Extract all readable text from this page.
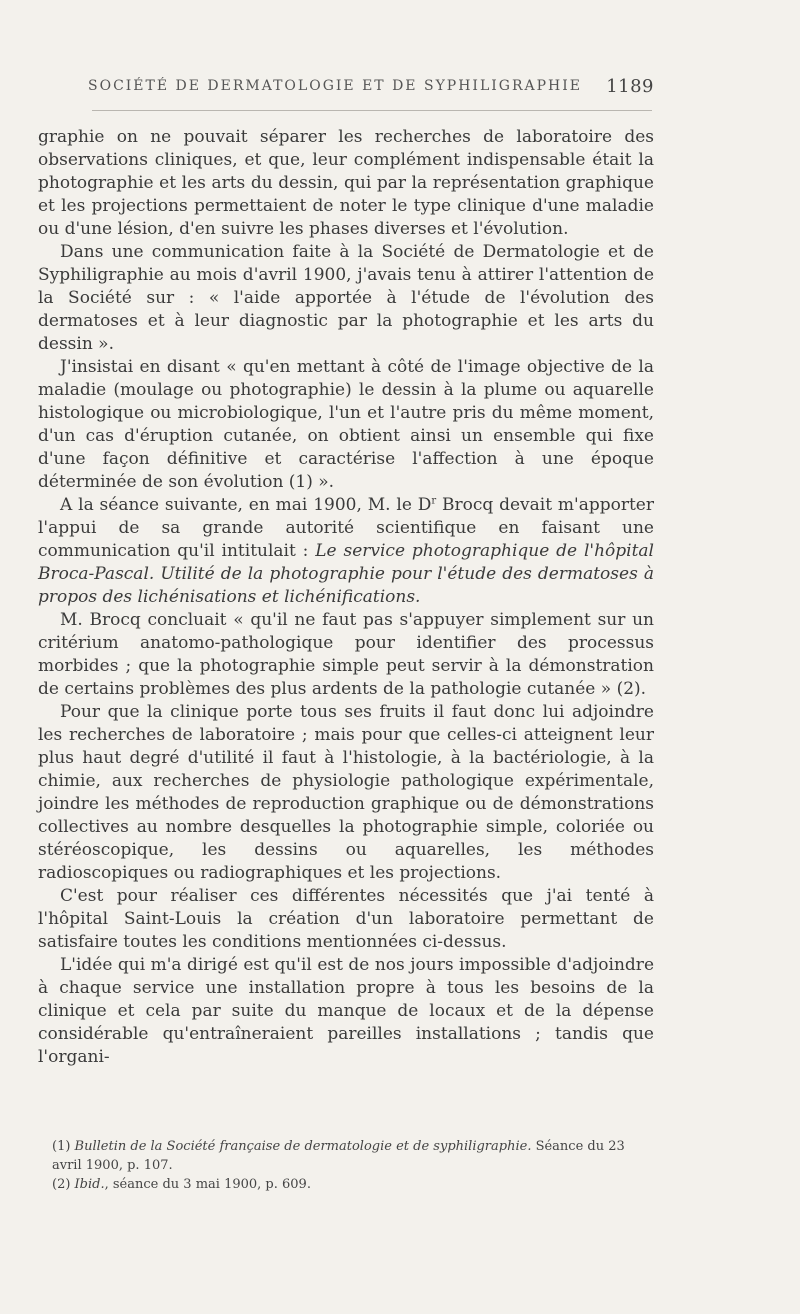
SOCIÉTÉ DE DERMATOLOGIE ET DE SYPHILIGRAPHIE 1189

graphie on ne pouvait séparer les recherches de laboratoire des observations cliniques, et que, leur complément indispensable était la photographie et les arts du dessin, qui par la représentation graphique et les projections permettaient de noter le type clinique d'une maladie ou d'une lésion, d'en suivre les phases diverses et l'évolution.

Dans une communication faite à la Société de Dermatologie et de Syphiligraphie au mois d'avril 1900, j'avais tenu à attirer l'attention de la Société sur : « l'aide apportée à l'étude de l'évolution des dermatoses et à leur diagnostic par la photographie et les arts du dessin ».

J'insistai en disant « qu'en mettant à côté de l'image objective de la maladie (moulage ou photographie) le dessin à la plume ou aquarelle histologique ou microbiologique, l'un et l'autre pris du même moment, d'un cas d'éruption cutanée, on obtient ainsi un ensemble qui fixe d'une façon définitive et caractérise l'affection à une époque déterminée de son évolution (1) ».

A la séance suivante, en mai 1900, M. le $D^r$ Brocq devait m'apporter l'appui de sa grande autorité scientifique en faisant une communication qu'il intitulait : Le service photographique de l'hôpital Broca-Pascal. Utilité de la photographie pour l'étude des dermatoses à propos des lichénisations et lichénifications.

M. Brocq concluait « qu'il ne faut pas s'appuyer simplement sur un critérium anatomo-pathologique pour identifier des processus morbides ; que la photographie simple peut servir à la démonstration de certains problèmes des plus ardents de la pathologie cutanée » (2).

Pour que la clinique porte tous ses fruits il faut donc lui adjoindre les recherches de laboratoire ; mais pour que celles-ci atteignent leur plus haut degré d'utilité il faut à l'histologie, à la bactériologie, à la chimie, aux recherches de physiologie pathologique expérimentale, joindre les méthodes de reproduction graphique ou de démonstrations collectives au nombre desquelles la photographie simple, coloriée ou stéréoscopique, les dessins ou aquarelles, les méthodes radioscopiques ou radiographiques et les projections.

C'est pour réaliser ces différentes nécessités que j'ai tenté à l'hôpital Saint-Louis la création d'un laboratoire permettant de satisfaire toutes les conditions mentionnées ci-dessus.

L'idée qui m'a dirigé est qu'il est de nos jours impossible d'adjoindre à chaque service une installation propre à tous les besoins de la clinique et cela par suite du manque de locaux et de la dépense considérable qu'entraîneraient pareilles installations ; tandis que l'organi-

(1) Bulletin de la Société française de dermatologie et de syphiligraphie. Séance du 23 avril 1900, p. 107.

(2) Ibid., séance du 3 mai 1900, p. 609.
